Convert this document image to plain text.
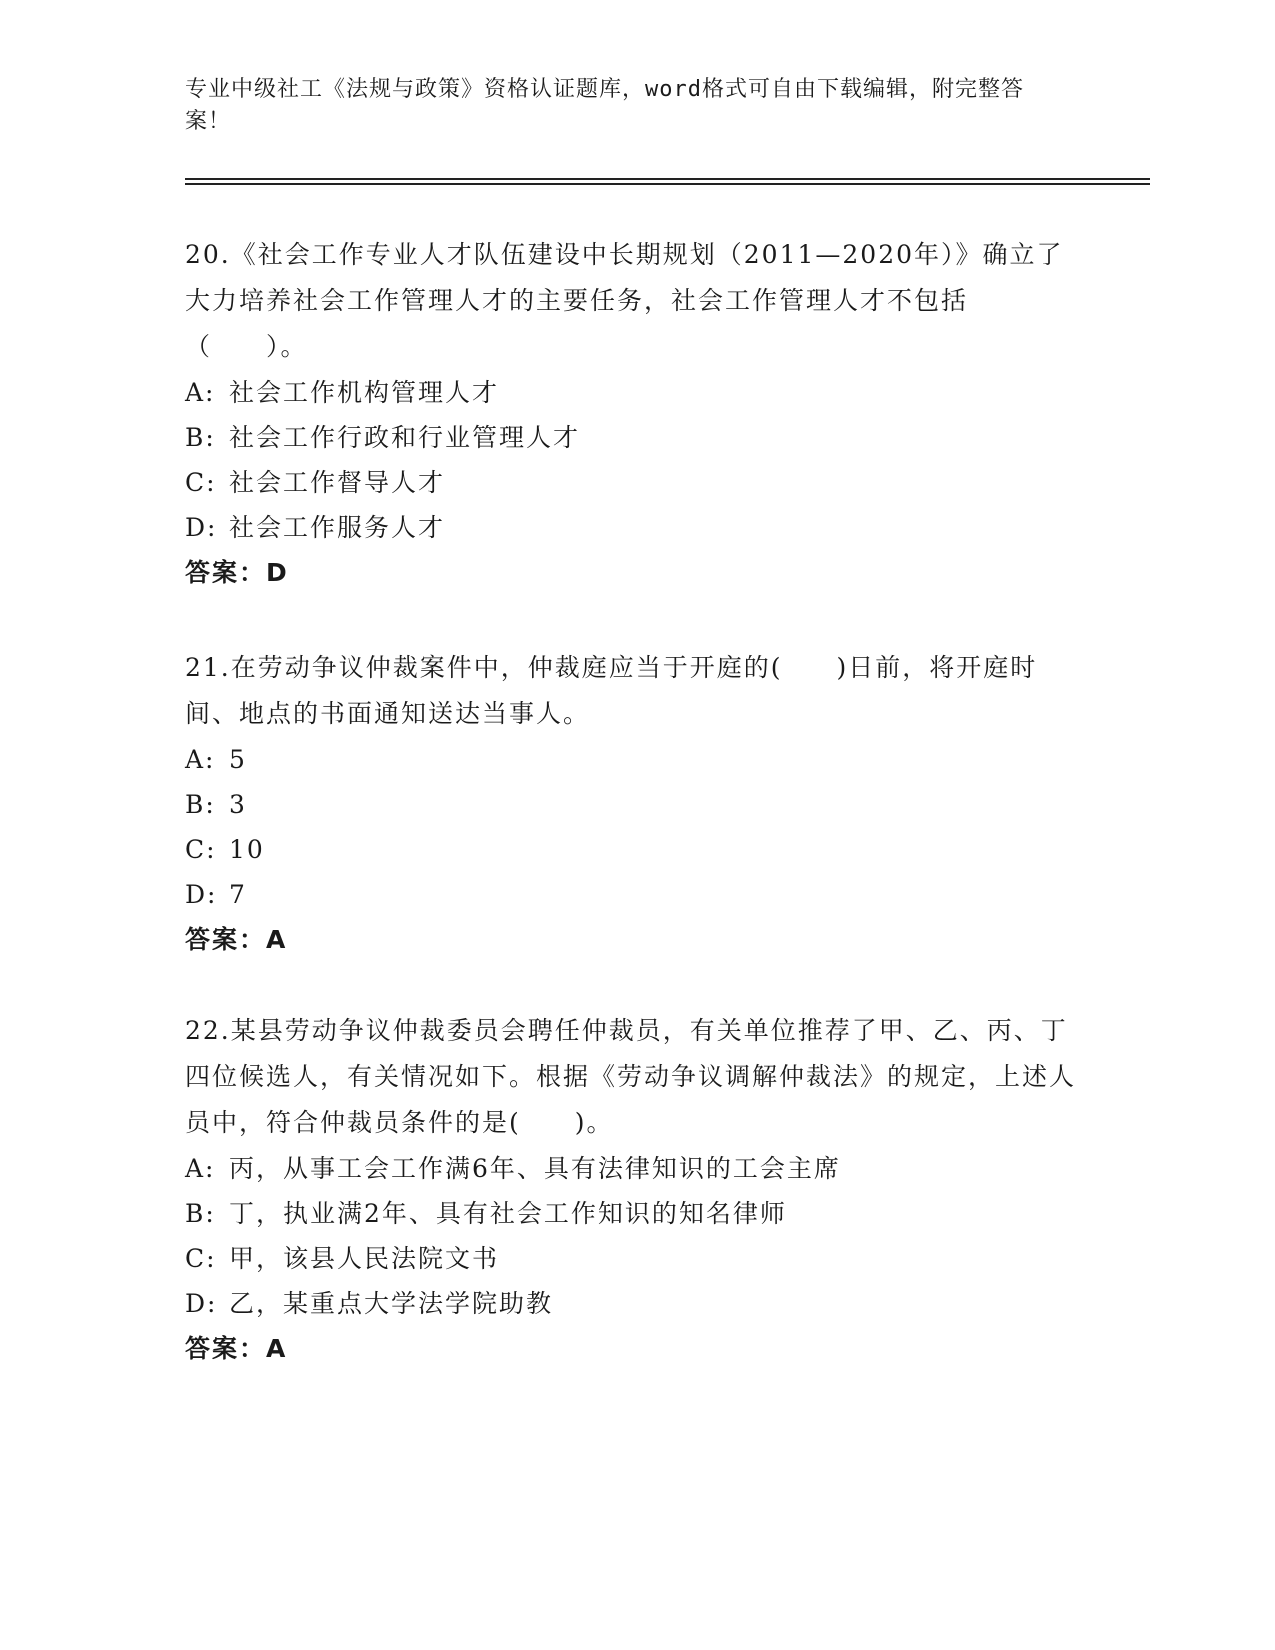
专业中级社工《法规与政策》资格认证题库，word格式可自由下载编辑，附完整答案！

20.《社会工作专业人才队伍建设中长期规划（2011—2020年）》确立了大力培养社会工作管理人才的主要任务，社会工作管理人才不包括（　　）。

A: 社会工作机构管理人才

B: 社会工作行政和行业管理人才

C: 社会工作督导人才

D: 社会工作服务人才

答案：D

21.在劳动争议仲裁案件中，仲裁庭应当于开庭的(　　)日前，将开庭时间、地点的书面通知送达当事人。

A: 5

B: 3

C: 10

D: 7

答案：A

22.某县劳动争议仲裁委员会聘任仲裁员，有关单位推荐了甲、乙、丙、丁四位候选人，有关情况如下。根据《劳动争议调解仲裁法》的规定，上述人员中，符合仲裁员条件的是(　　)。

A: 丙，从事工会工作满6年、具有法律知识的工会主席

B: 丁，执业满2年、具有社会工作知识的知名律师

C: 甲，该县人民法院文书

D: 乙，某重点大学法学院助教

答案：A
